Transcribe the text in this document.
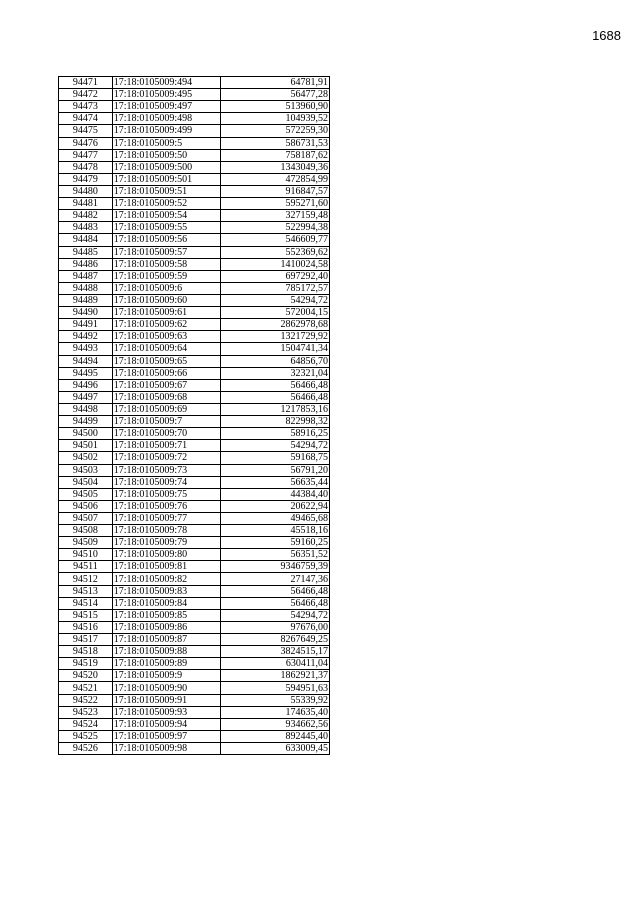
1688
94471	17:18:0105009:494	64781,91
94472	17:18:0105009:495	56477,28
94473	17:18:0105009:497	513960,90
94474	17:18:0105009:498	104939,52
94475	17:18:0105009:499	572259,30
94476	17:18:0105009:5	586731,53
94477	17:18:0105009:50	758187,62
94478	17:18:0105009:500	1343049,36
94479	17:18:0105009:501	472854,99
94480	17:18:0105009:51	916847,57
94481	17:18:0105009:52	595271,60
94482	17:18:0105009:54	327159,48
94483	17:18:0105009:55	522994,38
94484	17:18:0105009:56	546609,77
94485	17:18:0105009:57	552369,62
94486	17:18:0105009:58	1410024,58
94487	17:18:0105009:59	697292,40
94488	17:18:0105009:6	785172,57
94489	17:18:0105009:60	54294,72
94490	17:18:0105009:61	572004,15
94491	17:18:0105009:62	2862978,68
94492	17:18:0105009:63	1321729,92
94493	17:18:0105009:64	1504741,34
94494	17:18:0105009:65	64856,70
94495	17:18:0105009:66	32321,04
94496	17:18:0105009:67	56466,48
94497	17:18:0105009:68	56466,48
94498	17:18:0105009:69	1217853,16
94499	17:18:0105009:7	822998,32
94500	17:18:0105009:70	58916,25
94501	17:18:0105009:71	54294,72
94502	17:18:0105009:72	59168,75
94503	17:18:0105009:73	56791,20
94504	17:18:0105009:74	56635,44
94505	17:18:0105009:75	44384,40
94506	17:18:0105009:76	20622,94
94507	17:18:0105009:77	49465,68
94508	17:18:0105009:78	45518,16
94509	17:18:0105009:79	59160,25
94510	17:18:0105009:80	56351,52
94511	17:18:0105009:81	9346759,39
94512	17:18:0105009:82	27147,36
94513	17:18:0105009:83	56466,48
94514	17:18:0105009:84	56466,48
94515	17:18:0105009:85	54294,72
94516	17:18:0105009:86	97676,00
94517	17:18:0105009:87	8267649,25
94518	17:18:0105009:88	3824515,17
94519	17:18:0105009:89	630411,04
94520	17:18:0105009:9	1862921,37
94521	17:18:0105009:90	594951,63
94522	17:18:0105009:91	55339,92
94523	17:18:0105009:93	174635,40
94524	17:18:0105009:94	934662,56
94525	17:18:0105009:97	892445,40
94526	17:18:0105009:98	633009,45
